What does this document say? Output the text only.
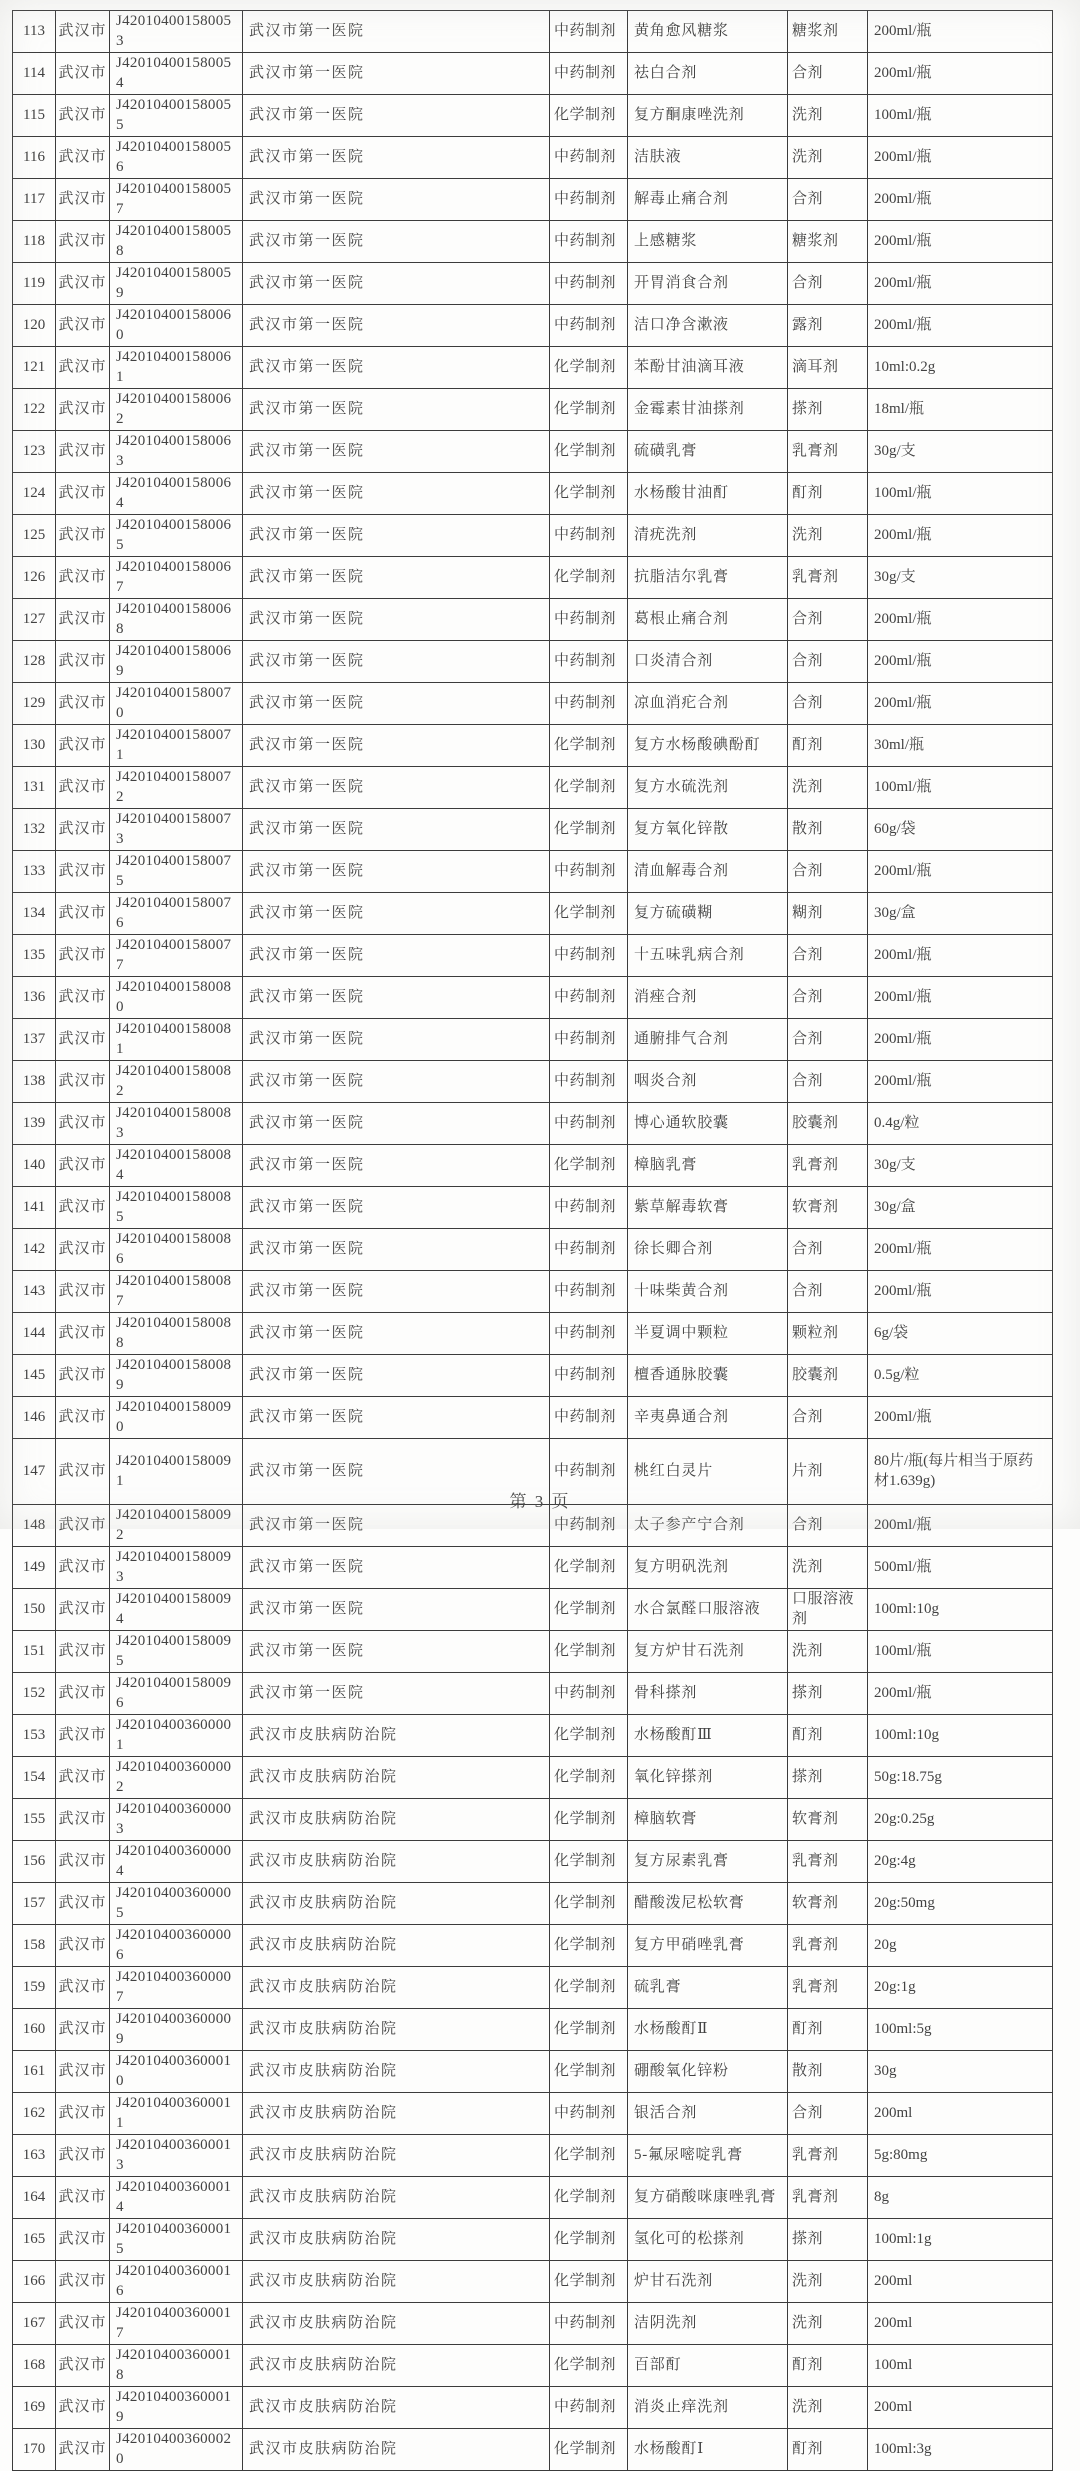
113	武汉市	J420104001580053	武汉市第一医院	中药制剂	黄角愈风糖浆	糖浆剂	200ml/瓶
114	武汉市	J420104001580054	武汉市第一医院	中药制剂	祛白合剂	合剂	200ml/瓶
115	武汉市	J420104001580055	武汉市第一医院	化学制剂	复方酮康唑洗剂	洗剂	100ml/瓶
116	武汉市	J420104001580056	武汉市第一医院	中药制剂	洁肤液	洗剂	200ml/瓶
117	武汉市	J420104001580057	武汉市第一医院	中药制剂	解毒止痛合剂	合剂	200ml/瓶
118	武汉市	J420104001580058	武汉市第一医院	中药制剂	上感糖浆	糖浆剂	200ml/瓶
119	武汉市	J420104001580059	武汉市第一医院	中药制剂	开胃消食合剂	合剂	200ml/瓶
120	武汉市	J420104001580060	武汉市第一医院	中药制剂	洁口净含漱液	露剂	200ml/瓶
121	武汉市	J420104001580061	武汉市第一医院	化学制剂	苯酚甘油滴耳液	滴耳剂	10ml:0.2g
122	武汉市	J420104001580062	武汉市第一医院	化学制剂	金霉素甘油搽剂	搽剂	18ml/瓶
123	武汉市	J420104001580063	武汉市第一医院	化学制剂	硫磺乳膏	乳膏剂	30g/支
124	武汉市	J420104001580064	武汉市第一医院	化学制剂	水杨酸甘油酊	酊剂	100ml/瓶
125	武汉市	J420104001580065	武汉市第一医院	中药制剂	清疣洗剂	洗剂	200ml/瓶
126	武汉市	J420104001580067	武汉市第一医院	化学制剂	抗脂洁尔乳膏	乳膏剂	30g/支
127	武汉市	J420104001580068	武汉市第一医院	中药制剂	葛根止痛合剂	合剂	200ml/瓶
128	武汉市	J420104001580069	武汉市第一医院	中药制剂	口炎清合剂	合剂	200ml/瓶
129	武汉市	J420104001580070	武汉市第一医院	中药制剂	凉血消疕合剂	合剂	200ml/瓶
130	武汉市	J420104001580071	武汉市第一医院	化学制剂	复方水杨酸碘酚酊	酊剂	30ml/瓶
131	武汉市	J420104001580072	武汉市第一医院	化学制剂	复方水硫洗剂	洗剂	100ml/瓶
132	武汉市	J420104001580073	武汉市第一医院	化学制剂	复方氧化锌散	散剂	60g/袋
133	武汉市	J420104001580075	武汉市第一医院	中药制剂	清血解毒合剂	合剂	200ml/瓶
134	武汉市	J420104001580076	武汉市第一医院	化学制剂	复方硫磺糊	糊剂	30g/盒
135	武汉市	J420104001580077	武汉市第一医院	中药制剂	十五味乳病合剂	合剂	200ml/瓶
136	武汉市	J420104001580080	武汉市第一医院	中药制剂	消痤合剂	合剂	200ml/瓶
137	武汉市	J420104001580081	武汉市第一医院	中药制剂	通腑排气合剂	合剂	200ml/瓶
138	武汉市	J420104001580082	武汉市第一医院	中药制剂	咽炎合剂	合剂	200ml/瓶
139	武汉市	J420104001580083	武汉市第一医院	中药制剂	博心通软胶囊	胶囊剂	0.4g/粒
140	武汉市	J420104001580084	武汉市第一医院	化学制剂	樟脑乳膏	乳膏剂	30g/支
141	武汉市	J420104001580085	武汉市第一医院	中药制剂	紫草解毒软膏	软膏剂	30g/盒
142	武汉市	J420104001580086	武汉市第一医院	中药制剂	徐长卿合剂	合剂	200ml/瓶
143	武汉市	J420104001580087	武汉市第一医院	中药制剂	十味柴黄合剂	合剂	200ml/瓶
144	武汉市	J420104001580088	武汉市第一医院	中药制剂	半夏调中颗粒	颗粒剂	6g/袋
145	武汉市	J420104001580089	武汉市第一医院	中药制剂	檀香通脉胶囊	胶囊剂	0.5g/粒
146	武汉市	J420104001580090	武汉市第一医院	中药制剂	辛夷鼻通合剂	合剂	200ml/瓶
147	武汉市	J420104001580091	武汉市第一医院	中药制剂	桃红白灵片	片剂	80片/瓶(每片相当于原药材1.639g)
148	武汉市	J420104001580092	武汉市第一医院	中药制剂	太子参产宁合剂	合剂	200ml/瓶
149	武汉市	J420104001580093	武汉市第一医院	化学制剂	复方明矾洗剂	洗剂	500ml/瓶
150	武汉市	J420104001580094	武汉市第一医院	化学制剂	水合氯醛口服溶液	口服溶液剂	100ml:10g
151	武汉市	J420104001580095	武汉市第一医院	化学制剂	复方炉甘石洗剂	洗剂	100ml/瓶
152	武汉市	J420104001580096	武汉市第一医院	中药制剂	骨科搽剂	搽剂	200ml/瓶
153	武汉市	J420104003600001	武汉市皮肤病防治院	化学制剂	水杨酸酊Ⅲ	酊剂	100ml:10g
154	武汉市	J420104003600002	武汉市皮肤病防治院	化学制剂	氧化锌搽剂	搽剂	50g:18.75g
155	武汉市	J420104003600003	武汉市皮肤病防治院	化学制剂	樟脑软膏	软膏剂	20g:0.25g
156	武汉市	J420104003600004	武汉市皮肤病防治院	化学制剂	复方尿素乳膏	乳膏剂	20g:4g
157	武汉市	J420104003600005	武汉市皮肤病防治院	化学制剂	醋酸泼尼松软膏	软膏剂	20g:50mg
158	武汉市	J420104003600006	武汉市皮肤病防治院	化学制剂	复方甲硝唑乳膏	乳膏剂	20g
159	武汉市	J420104003600007	武汉市皮肤病防治院	化学制剂	硫乳膏	乳膏剂	20g:1g
160	武汉市	J420104003600009	武汉市皮肤病防治院	化学制剂	水杨酸酊Ⅱ	酊剂	100ml:5g
161	武汉市	J420104003600010	武汉市皮肤病防治院	化学制剂	硼酸氧化锌粉	散剂	30g
162	武汉市	J420104003600011	武汉市皮肤病防治院	中药制剂	银活合剂	合剂	200ml
163	武汉市	J420104003600013	武汉市皮肤病防治院	化学制剂	5-氟尿嘧啶乳膏	乳膏剂	5g:80mg
164	武汉市	J420104003600014	武汉市皮肤病防治院	化学制剂	复方硝酸咪康唑乳膏	乳膏剂	8g
165	武汉市	J420104003600015	武汉市皮肤病防治院	化学制剂	氢化可的松搽剂	搽剂	100ml:1g
166	武汉市	J420104003600016	武汉市皮肤病防治院	化学制剂	炉甘石洗剂	洗剂	200ml
167	武汉市	J420104003600017	武汉市皮肤病防治院	中药制剂	洁阴洗剂	洗剂	200ml
168	武汉市	J420104003600018	武汉市皮肤病防治院	化学制剂	百部酊	酊剂	100ml
169	武汉市	J420104003600019	武汉市皮肤病防治院	中药制剂	消炎止痒洗剂	洗剂	200ml
170	武汉市	J420104003600020	武汉市皮肤病防治院	化学制剂	水杨酸酊Ⅰ	酊剂	100ml:3g
第 3 页
